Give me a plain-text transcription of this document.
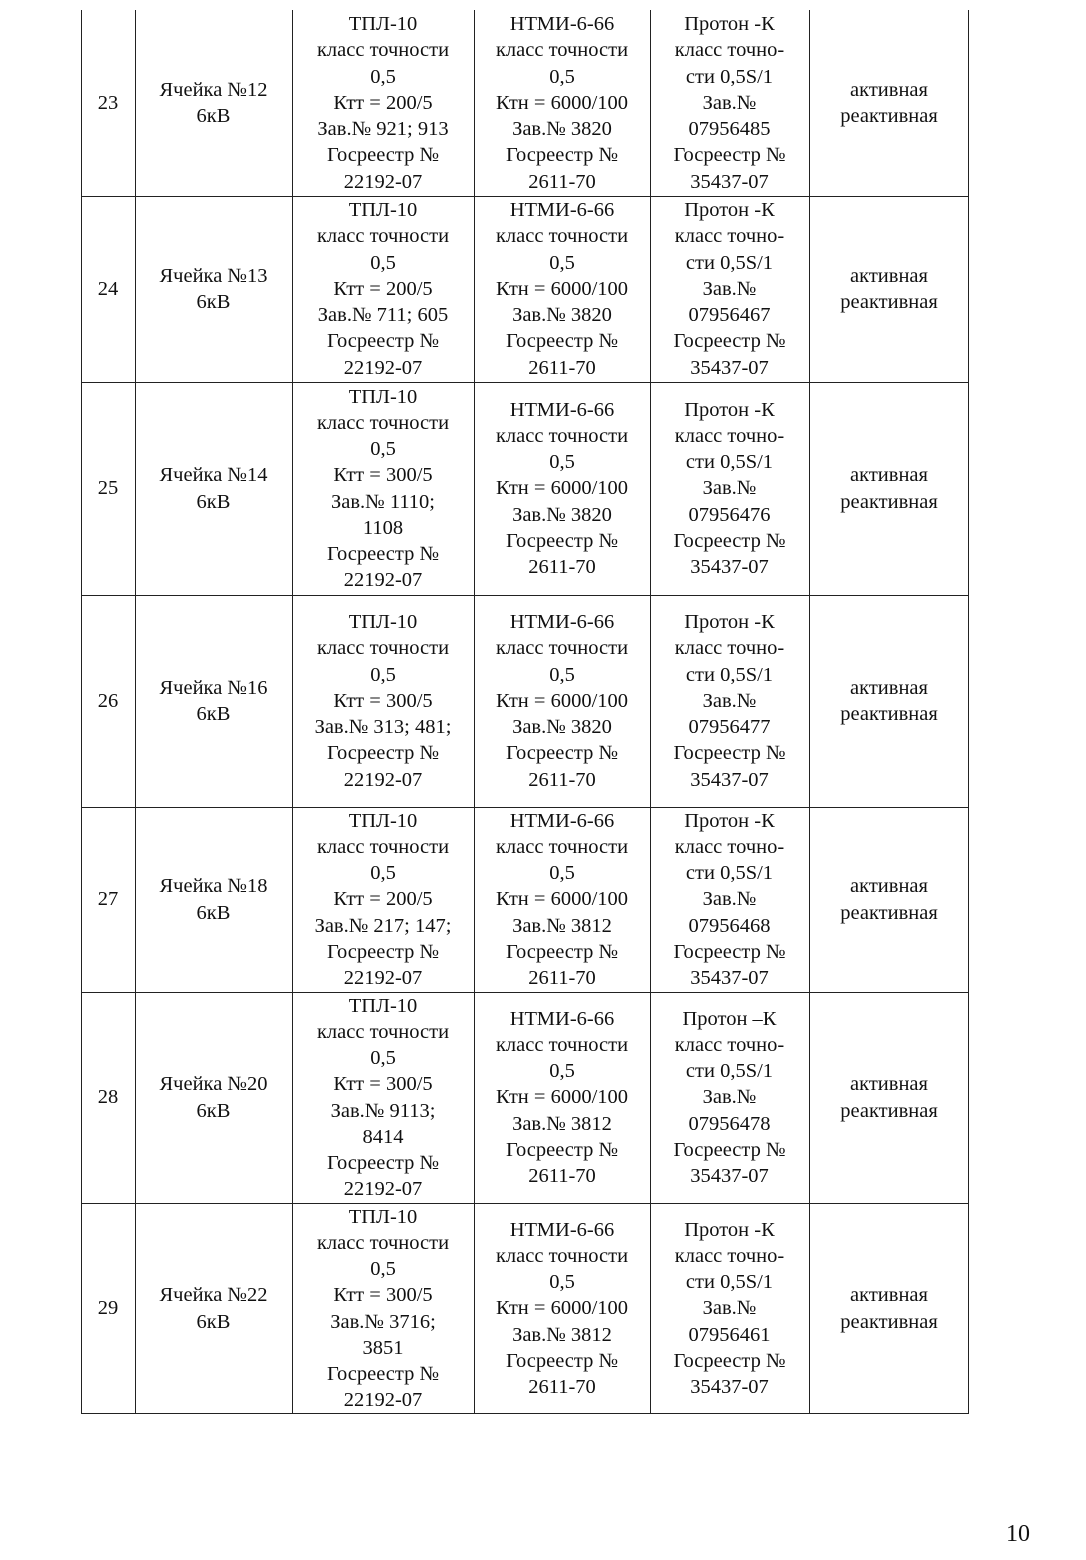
23
Ячейка №12
6кВ
ТПЛ-10
класс точности
0,5
Ктт = 200/5
Зав.№ 921; 913
Госреестр №
22192-07
НТМИ-6-66
класс точности
0,5
Ктн = 6000/100
Зав.№ 3820
Госреестр №
2611-70
Протон -К
класс точно-
сти 0,5S/1
Зав.№
07956485
Госреестр №
35437-07
активная
реактивная
24
Ячейка №13
6кВ
ТПЛ-10
класс точности
0,5
Ктт = 200/5
Зав.№ 711; 605
Госреестр №
22192-07
НТМИ-6-66
класс точности
0,5
Ктн = 6000/100
Зав.№ 3820
Госреестр №
2611-70
Протон -К
класс точно-
сти 0,5S/1
Зав.№
07956467
Госреестр №
35437-07
активная
реактивная
25
Ячейка №14
6кВ
ТПЛ-10
класс точности
0,5
Ктт = 300/5
Зав.№ 1110;
1108
Госреестр №
22192-07
НТМИ-6-66
класс точности
0,5
Ктн = 6000/100
Зав.№ 3820
Госреестр №
2611-70
Протон -К
класс точно-
сти 0,5S/1
Зав.№
07956476
Госреестр №
35437-07
активная
реактивная
26
Ячейка №16
6кВ
ТПЛ-10
класс точности
0,5
Ктт = 300/5
Зав.№ 313; 481;
Госреестр №
22192-07
НТМИ-6-66
класс точности
0,5
Ктн = 6000/100
Зав.№ 3820
Госреестр №
2611-70
Протон -К
класс точно-
сти 0,5S/1
Зав.№
07956477
Госреестр №
35437-07
активная
реактивная
27
Ячейка №18
6кВ
ТПЛ-10
класс точности
0,5
Ктт = 200/5
Зав.№ 217; 147;
Госреестр №
22192-07
НТМИ-6-66
класс точности
0,5
Ктн = 6000/100
Зав.№ 3812
Госреестр №
2611-70
Протон -К
класс точно-
сти 0,5S/1
Зав.№
07956468
Госреестр №
35437-07
активная
реактивная
28
Ячейка №20
6кВ
ТПЛ-10
класс точности
0,5
Ктт = 300/5
Зав.№ 9113;
8414
Госреестр №
22192-07
НТМИ-6-66
класс точности
0,5
Ктн = 6000/100
Зав.№ 3812
Госреестр №
2611-70
Протон –К
класс точно-
сти 0,5S/1
Зав.№
07956478
Госреестр №
35437-07
активная
реактивная
29
Ячейка №22
6кВ
ТПЛ-10
класс точности
0,5
Ктт = 300/5
Зав.№ 3716;
3851
Госреестр №
22192-07
НТМИ-6-66
класс точности
0,5
Ктн = 6000/100
Зав.№ 3812
Госреестр №
2611-70
Протон -К
класс точно-
сти 0,5S/1
Зав.№
07956461
Госреестр №
35437-07
активная
реактивная
10
